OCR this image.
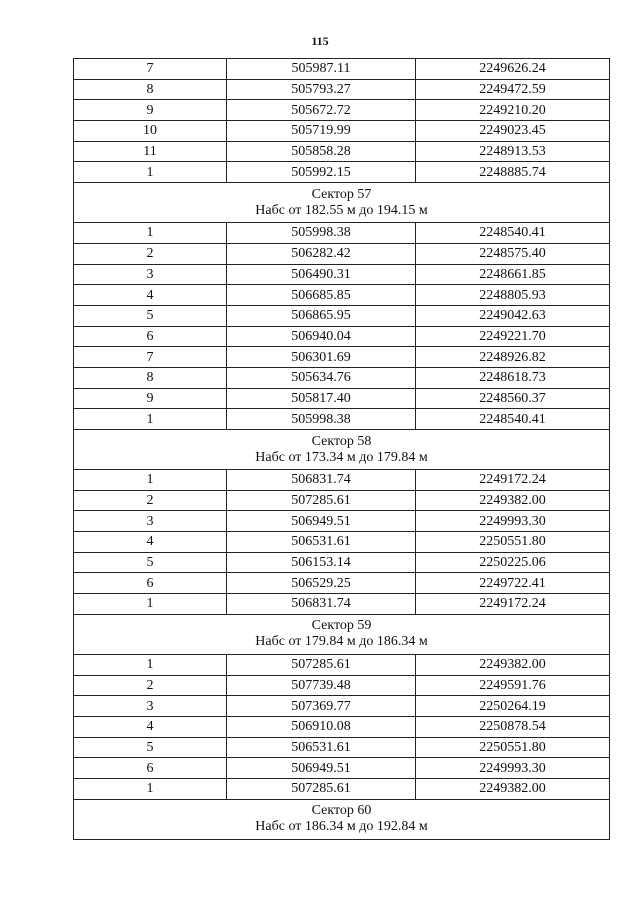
115
7	505987.11	2249626.24
8	505793.27	2249472.59
9	505672.72	2249210.20
10	505719.99	2249023.45
11	505858.28	2248913.53
1	505992.15	2248885.74

Сектор 57
Набс от 182.55 м до 194.15 м		

1	505998.38	2248540.41
2	506282.42	2248575.40
3	506490.31	2248661.85
4	506685.85	2248805.93
5	506865.95	2249042.63
6	506940.04	2249221.70
7	506301.69	2248926.82
8	505634.76	2248618.73
9	505817.40	2248560.37
1	505998.38	2248540.41

Сектор 58
Набс от 173.34 м до 179.84 м		

1	506831.74	2249172.24
2	507285.61	2249382.00
3	506949.51	2249993.30
4	506531.61	2250551.80
5	506153.14	2250225.06
6	506529.25	2249722.41
1	506831.74	2249172.24

Сектор 59
Набс от 179.84 м до 186.34 м		

1	507285.61	2249382.00
2	507739.48	2249591.76
3	507369.77	2250264.19
4	506910.08	2250878.54
5	506531.61	2250551.80
6	506949.51	2249993.30
1	507285.61	2249382.00

Сектор 60
Набс от 186.34 м до 192.84 м		
